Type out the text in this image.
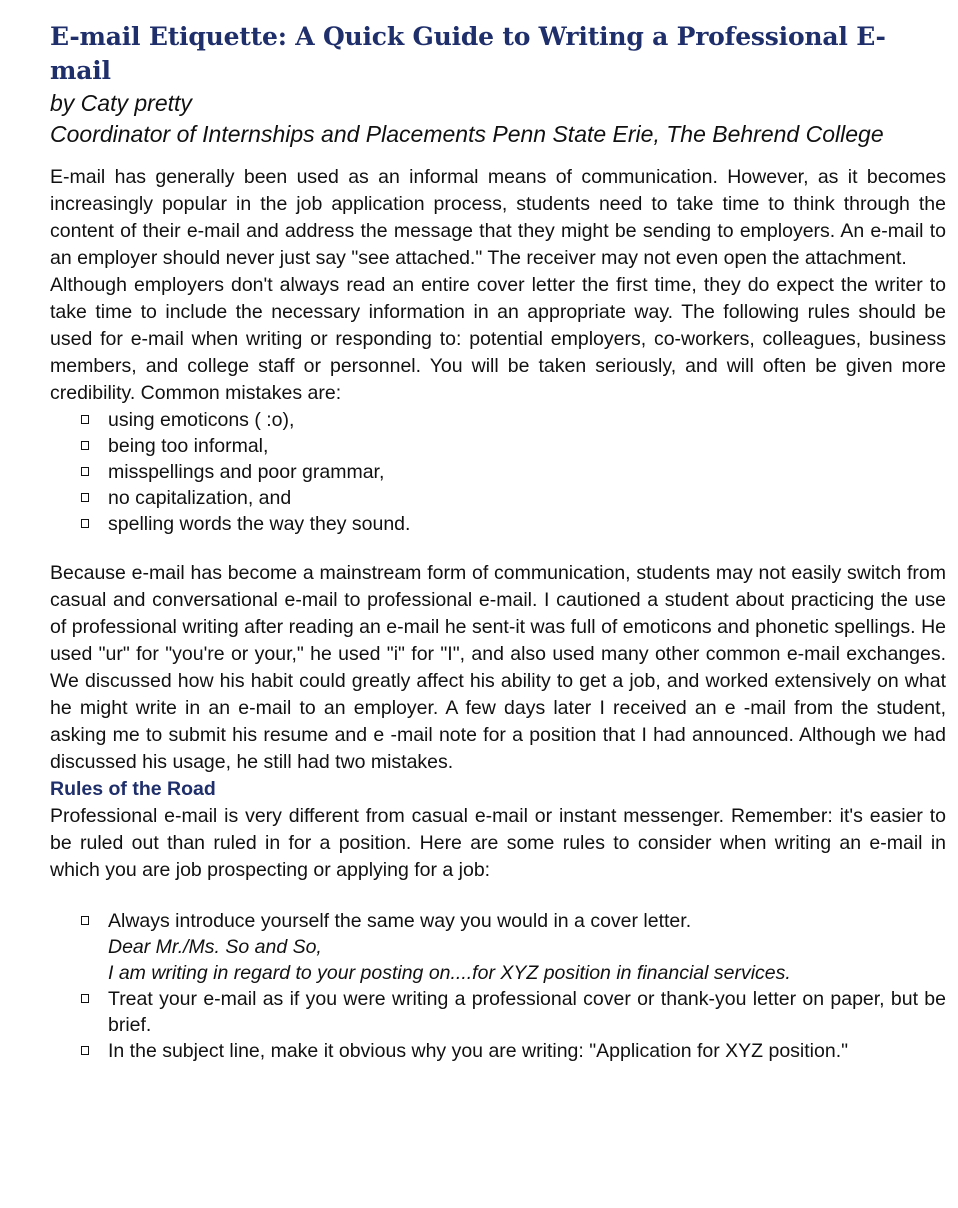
E-mail Etiquette: A Quick Guide to Writing a Professional E-mail

by Caty pretty

Coordinator of Internships and Placements Penn State Erie, The Behrend College

E-mail has generally been used as an informal means of communication. However, as it becomes increasingly popular in the job application process, students need to take time to think through the content of their e-mail and address the message that they might be sending to employers. An e-mail to an employer should never just say "see attached." The receiver may not even open the attachment.

Although employers don't always read an entire cover letter the first time, they do expect the writer to take time to include the necessary information in an appropriate way. The following rules should be used for e-mail when writing or responding to: potential employers, co-workers, colleagues, business members, and college staff or personnel. You will be taken seriously, and will often be given more credibility. Common mistakes are:

using emoticons ( :o),
being too informal,
misspellings and poor grammar,
no capitalization, and
spelling words the way they sound.

Because e-mail has become a mainstream form of communication, students may not easily switch from casual and conversational e-mail to professional e-mail. I cautioned a student about practicing the use of professional writing after reading an e-mail he sent-it was full of emoticons and phonetic spellings. He used "ur" for "you're or your," he used "i" for "I", and also used many other common e-mail exchanges. We discussed how his habit could greatly affect his ability to get a job, and worked extensively on what he might write in an e-mail to an employer. A few days later I received an e -mail from the student, asking me to submit his resume and e -mail note for a position that I had announced. Although we had discussed his usage, he still had two mistakes.

Rules of the Road

Professional e-mail is very different from casual e-mail or instant messenger. Remember: it's easier to be ruled out than ruled in for a position. Here are some rules to consider when writing an e-mail in which you are job prospecting or applying for a job:

Always introduce yourself the same way you would in a cover letter.
Dear Mr./Ms. So and So,
I am writing in regard to your posting on....for XYZ position in financial services.
Treat your e-mail as if you were writing a professional cover or thank-you letter on paper, but be brief.
In the subject line, make it obvious why you are writing: "Application for XYZ position."
